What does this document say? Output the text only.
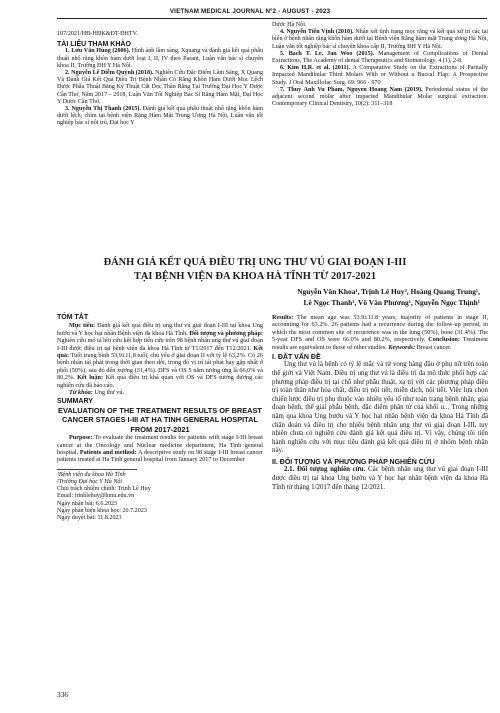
VIETNAM MEDICAL JOURNAL Nº2 - AUGUST - 2023

107/2021/HĐ-HĐK&ĐT-ĐHTV.

TÀI LIỆU THAM KHẢO

1. Lưu Văn Hùng (2006). Hình ảnh lâm sàng, Xquang và đánh giá kết quả phẫu thuật nhổ răng khôn hàm dưới loại I, II, IV theo Parant, Luận văn bác sĩ chuyên khoa II, Trường ĐH Y Hà Nội.

2. Nguyễn Lê Diễm Quỳnh (2018). Nghiên Cứu Đặc Điểm Lâm Sàng, X Quang Và Đánh Giá Kết Quả Điều Trị Bệnh Nhân Có Răng Khôn Hàm Dưới Mọc Lệch Được Phẫu Thuật Bằng Kỹ Thuật Cắt Dọc Thân Răng Tại Trường Đại Học Y Dược Cần Thơ, Năm 2017 – 2018, Luận Văn Tốt Nghiệp Bác Sĩ Răng Hàm Mặt, Đại Học Y Dược Cần Thơ.

3. Nguyễn Thị Thanh (2015). Đánh giá kết quả phẫu thuật nhổ răng khôn hàm dưới lệch, chìm tại bệnh viện Răng Hàm Mặt Trung Ương Hà Nội, Luận văn tốt nghiệp bác sĩ nội trú, Đại học Y

Dược Hà Nội.

4. Nguyễn Tiến Vịnh (2010). Nhận xét tình trạng mọc răng và kết quả xử trí các tai biến ở bệnh nhân răng khôn hàm dưới tại Bệnh viện Răng hàm mặt Trung ương Hà Nội, Luận văn tốt nghiệp bác sĩ chuyên khoa cấp II, Trường ĐH Y Hà Nội.

5. Bach T. Le, Jan Woo (2015). Management of Complications of Dental Extractions, The Academy of dental Therapeutics and Stomatology, 4 (1), 2-8.

6. Kim H.R. et al. (2011). A Comparative Study on the Extractions of Partially Impacted Mandibular Third Molars With or Without a Buccal Flap: A Prospective Study. J Oral Maxillofac Surg. 69: 966 - 970

7. Thuy Anh Vu Pham, Nguyen Hoang Nam (2019). Periodontal status of the adjacent second molar after impacted Mandibular Molar surgical extraction. Contemporary Clinical Dentistry, 10(2): 311–318

ĐÁNH GIÁ KẾT QUẢ ĐIỀU TRỊ UNG THƯ VÚ GIAI ĐOẠN I-III
TẠI BỆNH VIỆN ĐA KHOA HÀ TĨNH TỪ 2017-2021
Nguyễn Văn Khoa¹, Trịnh Lê Huy², Hoàng Quang Trung¹,
Lê Ngọc Thanh¹, Võ Văn Phương¹, Nguyễn Ngọc Thịnh¹

TÓM TẮT

Mục tiêu: Đánh giá kết quả điều trị ung thư vú giai đoạn I-III tại khoa Ung bướu và Y học hạt nhân Bệnh viện đa khoa Hà Tĩnh. Đối tượng và phương pháp: Nghiên cứu mô tả hồi cứu kết hợp tiến cứu trên 98 bệnh nhân ung thư vú giai đoạn I-III được điều trị tại bệnh viện đa khoa Hà Tĩnh từ T1/2017 đến T12/2021. Kết quả: Tuổi trung bình 53,9±11,8 tuổi, chủ yếu ở giai đoạn II với tỷ lệ 63,2%. Có 26 bệnh nhân tái phát trong thời gian theo dõi, trong đó vị trí tái phát hay gặp nhất ở phổi (50%), sau đó đến xương (31,4%). DFS và OS 5 năm tương ứng là 66,0% và 80,2%. Kết luận: Kết quả điều trị khá quan với OS và DFS tương đương các nghiên cứu đã báo cáo.

Từ khóa: Ung thư vú.

SUMMARY

EVALUATION OF THE TREATMENT RESULTS OF BREAST CANCER STAGES I-III AT HA TINH GENERAL HOSPITAL FROM 2017-2021

Purpose: To evaluate the treatment results for patients with stage I-III breast cancer at the Oncology and Nuclear medicine department, Ha Tinh general hospital. Patients and method: A descriptive study on 98 stage I-III breast cancer patients treated at Ha Tinh general hospital from January 2017 to December

¹Bệnh viện đa khoa Hà Tĩnh

²Trường Đại học Y Hà Nội

Chịu trách nhiệm chính: Trịnh Lê Huy

Email: trinhlehuy@hmu.edu.vn

Ngày nhận bài: 6.6.2023

Ngày phản biện khoa học: 20.7.2023

Ngày duyệt bài: 11.8.2023

Results: The mean age was 53.9±11.8 years, majority of patients in stage II, accounting for 63.2%. 26 patients had a recurrence during the follow-up period, in which the most common site of recurrence was in the lung (50%), bone (31.4%). The 5-year DFS and OS were 66.0% and 80.2%, respectively. Conclusion: Treatment results are equivalent to those of other studies. Keywords: Breast cancer.

I. ĐẶT VẤN ĐỀ

Ung thư vú là bệnh có tỷ lệ mắc và tử vong hàng đầu ở phụ nữ trên toàn thế giới và Việt Nam. Điều trị ung thư vú là điều trị đa mô thức phối hợp các phương pháp điều trị tại chỗ như phẫu thuật, xạ trị với các phương pháp điều trị toàn thân như hóa chất, điều trị nội tiết, miễn dịch, nội tiết. Việc lựa chọn chiến lược điều trị phụ thuộc vào nhiều yếu tố như toàn trạng bệnh nhân, giai đoạn bệnh, thể giải phẫu bệnh, đặc điểm phân tử của khối u... Trong những năm qua khoa Ung bướu và Y học hạt nhân bệnh viện đa khoa Hà Tĩnh đã chẩn đoán và điều trị cho nhiều bệnh nhân ung thư vú giai đoạn I-III, tuy nhiên chưa có nghiên cứu đánh giá kết quả điều trị. Vì vậy, chúng tôi tiến hành nghiên cứu với mục tiêu đánh giá kết quả điều trị ở nhóm bệnh nhân này.

II. ĐỐI TƯỢNG VÀ PHƯƠNG PHÁP NGHIÊN CỨU

2.1. Đối tượng nghiên cứu. Các bệnh nhân ung thư vú giai đoạn I-III được điều trị tại khoa Ung bướu và Y học hạt nhân bệnh viện đa khoa Hà Tĩnh từ tháng 1/2017 đến tháng 12/2021.

336
